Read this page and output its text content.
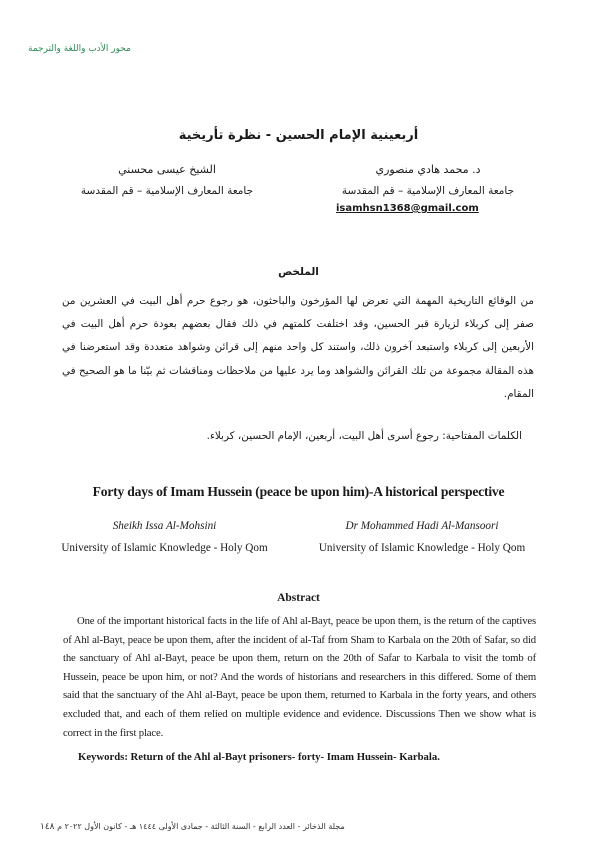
محور الأدب واللغة والترجمة
أربعينية الإمام الحسين - نظرة تأريخية
د. محمد هادي منصوري
جامعة المعارف الإسلامية – قم المقدسة
isamhsn1368@gmail.com
الشيخ عيسى محسني
جامعة المعارف الإسلامية – قم المقدسة
الملخص
من الوقائع التاريخية المهمة التي تعرض لها المؤرخون والباحثون، هو رجوع حرم أهل البيت في العشرين من صفر إلى كربلاء لزيارة قبر الحسين، وقد اختلفت كلمتهم في ذلك فقال بعضهم بعودة حرم أهل البيت في الأربعين إلى كربلاء واستبعد آخرون ذلك، واستند كل واحد منهم إلى قرائن وشواهد متعددة وقد استعرضنا في هذه المقالة مجموعة من تلك القرائن والشواهد وما يرد عليها من ملاحظات ومناقشات ثم بيّنا ما هو الصحيح في المقام.
الكلمات المفتاحية: رجوع أسرى أهل البيت، أربعين، الإمام الحسين، كربلاء.
Forty days of Imam Hussein (peace be upon him)-A historical perspective
Sheikh Issa Al-Mohsini
University of Islamic Knowledge - Holy Qom
Dr Mohammed Hadi Al-Mansoori
University of Islamic Knowledge - Holy Qom
Abstract
One of the important historical facts in the life of Ahl al-Bayt, peace be upon them, is the return of the captives of Ahl al-Bayt, peace be upon them, after the incident of al-Taf from Sham to Karbala on the 20th of Safar, so did the sanctuary of Ahl al-Bayt, peace be upon them, return on the 20th of Safar to Karbala to visit the tomb of Hussein, peace be upon him, or not? And the words of historians and researchers in this differed. Some of them said that the sanctuary of the Ahl al-Bayt, peace be upon them, returned to Karbala in the forty years, and others excluded that, and each of them relied on multiple evidence and evidence. Discussions Then we show what is correct in the first place.
Keywords: Return of the Ahl al-Bayt prisoners- forty- Imam Hussein- Karbala.
مجلة الذخائر - العدد الرابع - السنة الثالثة - جمادى الأولى ١٤٤٤ هـ - كانون الأول ٢٠٢٢ م ١٤٨
